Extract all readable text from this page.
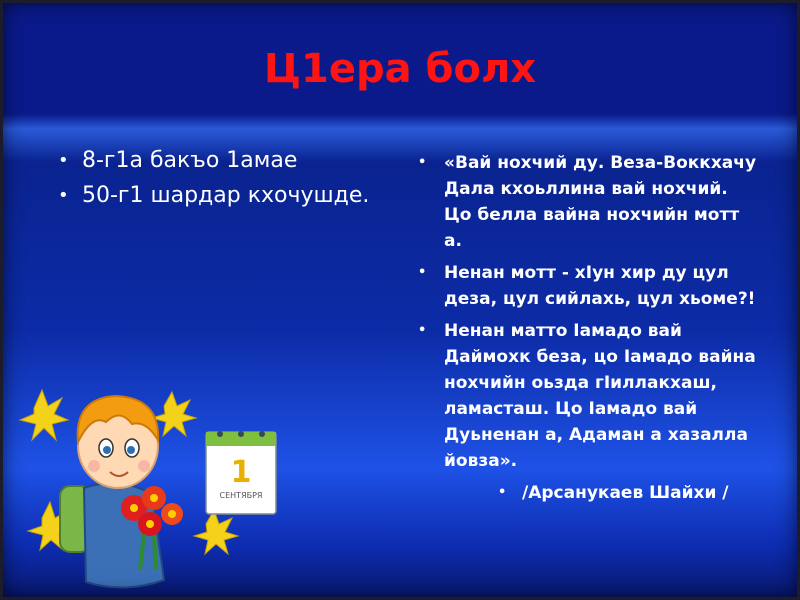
Ц1ера болх
• 8-г1а бакъо 1амае
• 50-г1 шардар кхочушде.
• «Вай нохчий ду. Веза-Воккхачу Дала кхоьллина вай нохчий. Цо белла вайна нохчийн мотт а.
• Ненан мотт - хIун хир ду цул деза, цул сийлахь, цул хьоме?!
• Ненан матто Iамадо вай Даймохк беза, цо Iамадо вайна нохчийн оьзда гIиллакхаш, ламасташ. Цо Iамадо вай Дуьненан а, Адаман а хазалла йовза».
• /Арсанукаев Шайхи /
1
СЕНТЯБРЯ
